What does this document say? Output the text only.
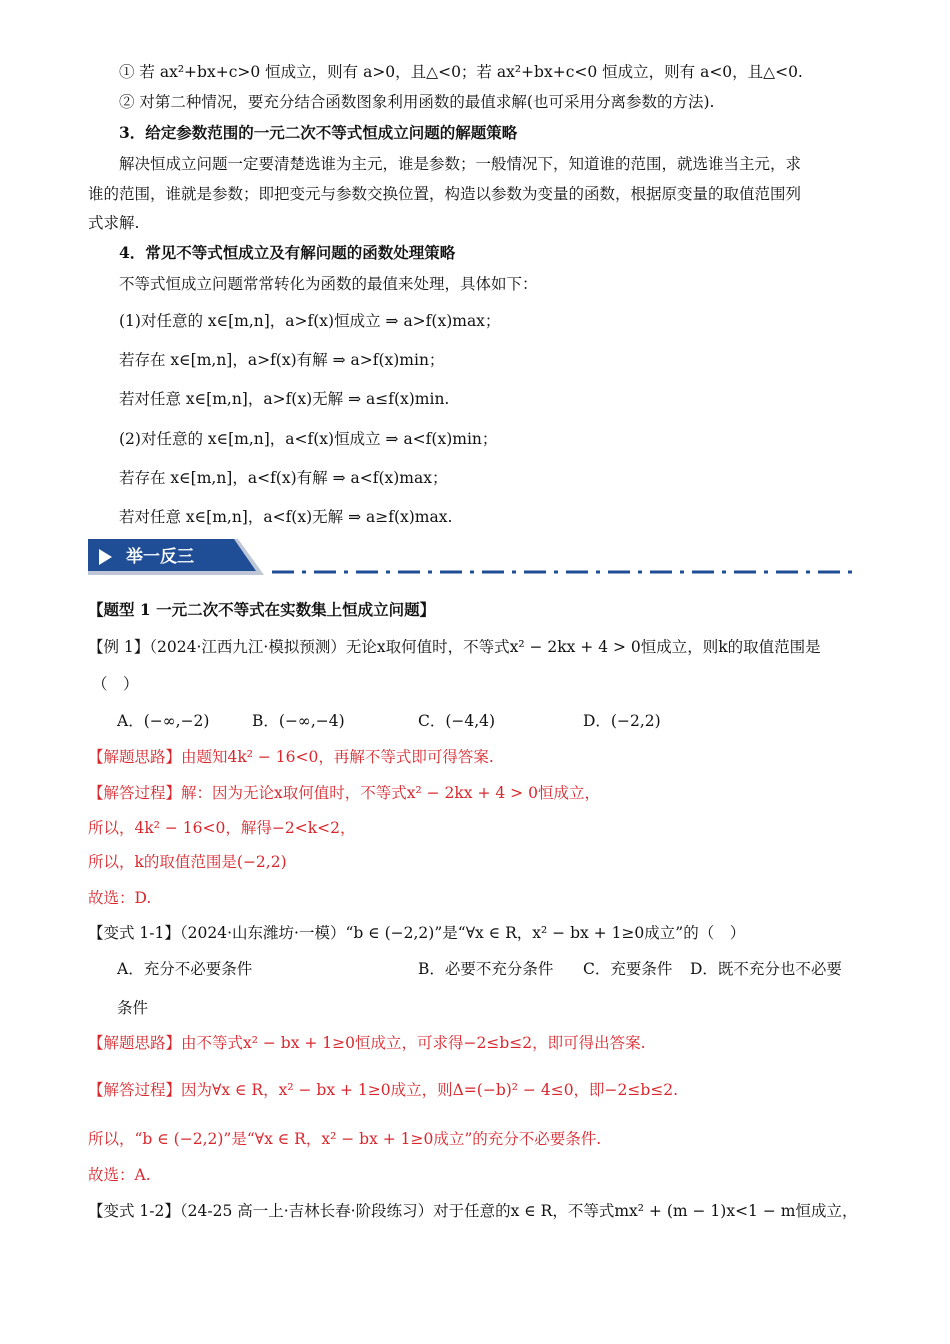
① 若 ax²+bx+c>0 恒成立，则有 a>0，且△<0；若 ax²+bx+c<0 恒成立，则有 a<0，且△<0.
② 对第二种情况，要充分结合函数图象利用函数的最值求解(也可采用分离参数的方法).
3．给定参数范围的一元二次不等式恒成立问题的解题策略
解决恒成立问题一定要清楚选谁为主元，谁是参数；一般情况下，知道谁的范围，就选谁当主元，求
谁的范围，谁就是参数；即把变元与参数交换位置，构造以参数为变量的函数，根据原变量的取值范围列
式求解.
4．常见不等式恒成立及有解问题的函数处理策略
不等式恒成立问题常常转化为函数的最值来处理，具体如下：
(1)对任意的 x∈[m,n]，a>f(x)恒成立 ⇒ a>f(x)max；
若存在 x∈[m,n]，a>f(x)有解 ⇒ a>f(x)min；
若对任意 x∈[m,n]，a>f(x)无解 ⇒ a≤f(x)min.
(2)对任意的 x∈[m,n]，a<f(x)恒成立 ⇒ a<f(x)min；
若存在 x∈[m,n]，a<f(x)有解 ⇒ a<f(x)max；
若对任意 x∈[m,n]，a<f(x)无解 ⇒ a≥f(x)max.
举一反三
【题型 1 一元二次不等式在实数集上恒成立问题】
【例 1】（2024·江西九江·模拟预测）无论x取何值时，不等式x² − 2kx + 4 > 0恒成立，则k的取值范围是
（　）
A．(−∞,−2)	B．(−∞,−4)	C．(−4,4)	D．(−2,2)
【解题思路】由题知4k² − 16<0，再解不等式即可得答案.
【解答过程】解：因为无论x取何值时，不等式x² − 2kx + 4 > 0恒成立，
所以，4k² − 16<0，解得−2<k<2，
所以，k的取值范围是(−2,2)
故选：D.
【变式 1-1】（2024·山东潍坊·一模）“b ∈ (−2,2)”是“∀x ∈ R，x² − bx + 1≥0成立”的（　）
A．充分不必要条件	B．必要不充分条件 C．充要条件 D．既不充分也不必要
条件
【解题思路】由不等式x² − bx + 1≥0恒成立，可求得−2≤b≤2，即可得出答案.
【解答过程】因为∀x ∈ R，x² − bx + 1≥0成立，则Δ=(−b)² − 4≤0，即−2≤b≤2.
所以，“b ∈ (−2,2)”是“∀x ∈ R，x² − bx + 1≥0成立”的充分不必要条件.
故选：A.
【变式 1-2】（24-25 高一上·吉林长春·阶段练习）对于任意的x ∈ R，不等式mx² + (m − 1)x<1 − m恒成立，
